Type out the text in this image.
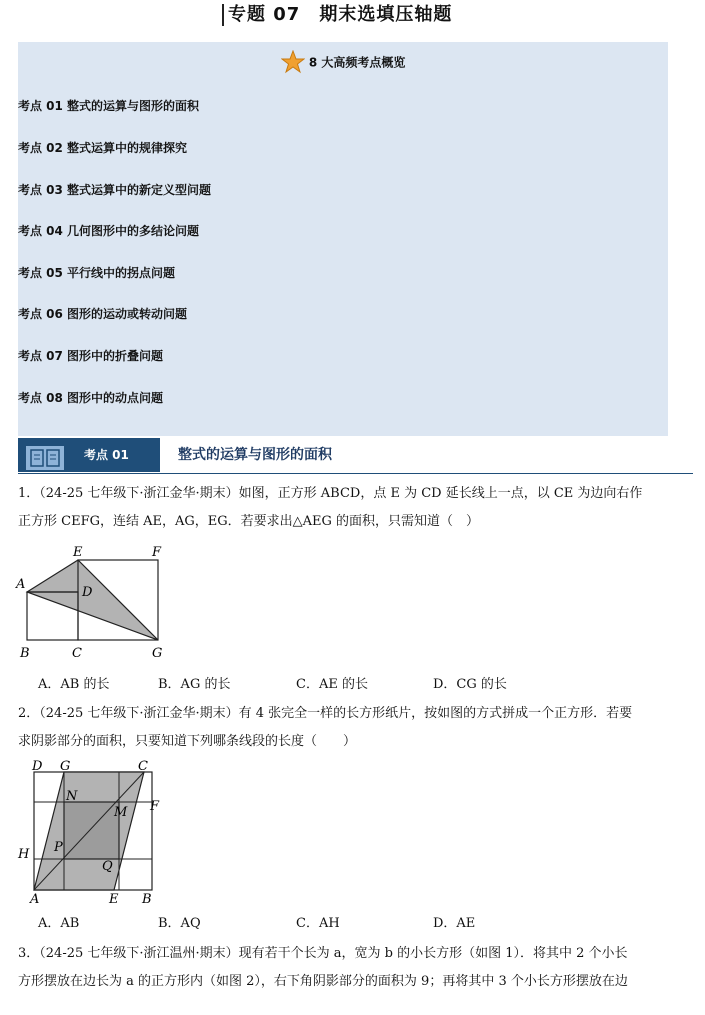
专题 07　期末选填压轴题
8 大高频考点概览
考点 01 整式的运算与图形的面积
考点 02 整式运算中的规律探究
考点 03 整式运算中的新定义型问题
考点 04 几何图形中的多结论问题
考点 05 平行线中的拐点问题
考点 06 图形的运动或转动问题
考点 07 图形中的折叠问题
考点 08 图形中的动点问题
考点 01	整式的运算与图形的面积
1．（24-25 七年级下·浙江金华·期末）如图，正方形 ABCD，点 E 为 CD 延长线上一点，以 CE 为边向右作
正方形 CEFG，连结 AE，AG，EG．若要求出△AEG 的面积，只需知道（　）
A
B	C
D
E	F
G
A．AB 的长	B．AG 的长	C．AE 的长	D．CG 的长
2．（24-25 七年级下·浙江金华·期末）有 4 张完全一样的长方形纸片，按如图的方式拼成一个正方形．若要
求阴影部分的面积，只要知道下列哪条线段的长度（　　）
D G	C
N
F
M
H P
Q
A	E B
A．AB	B．AQ	C．AH	D．AE
3．（24-25 七年级下·浙江温州·期末）现有若干个长为 a，宽为 b 的小长方形（如图 1）．将其中 2 个小长
方形摆放在边长为 a 的正方形内（如图 2），右下角阴影部分的面积为 9；再将其中 3 个小长方形摆放在边
